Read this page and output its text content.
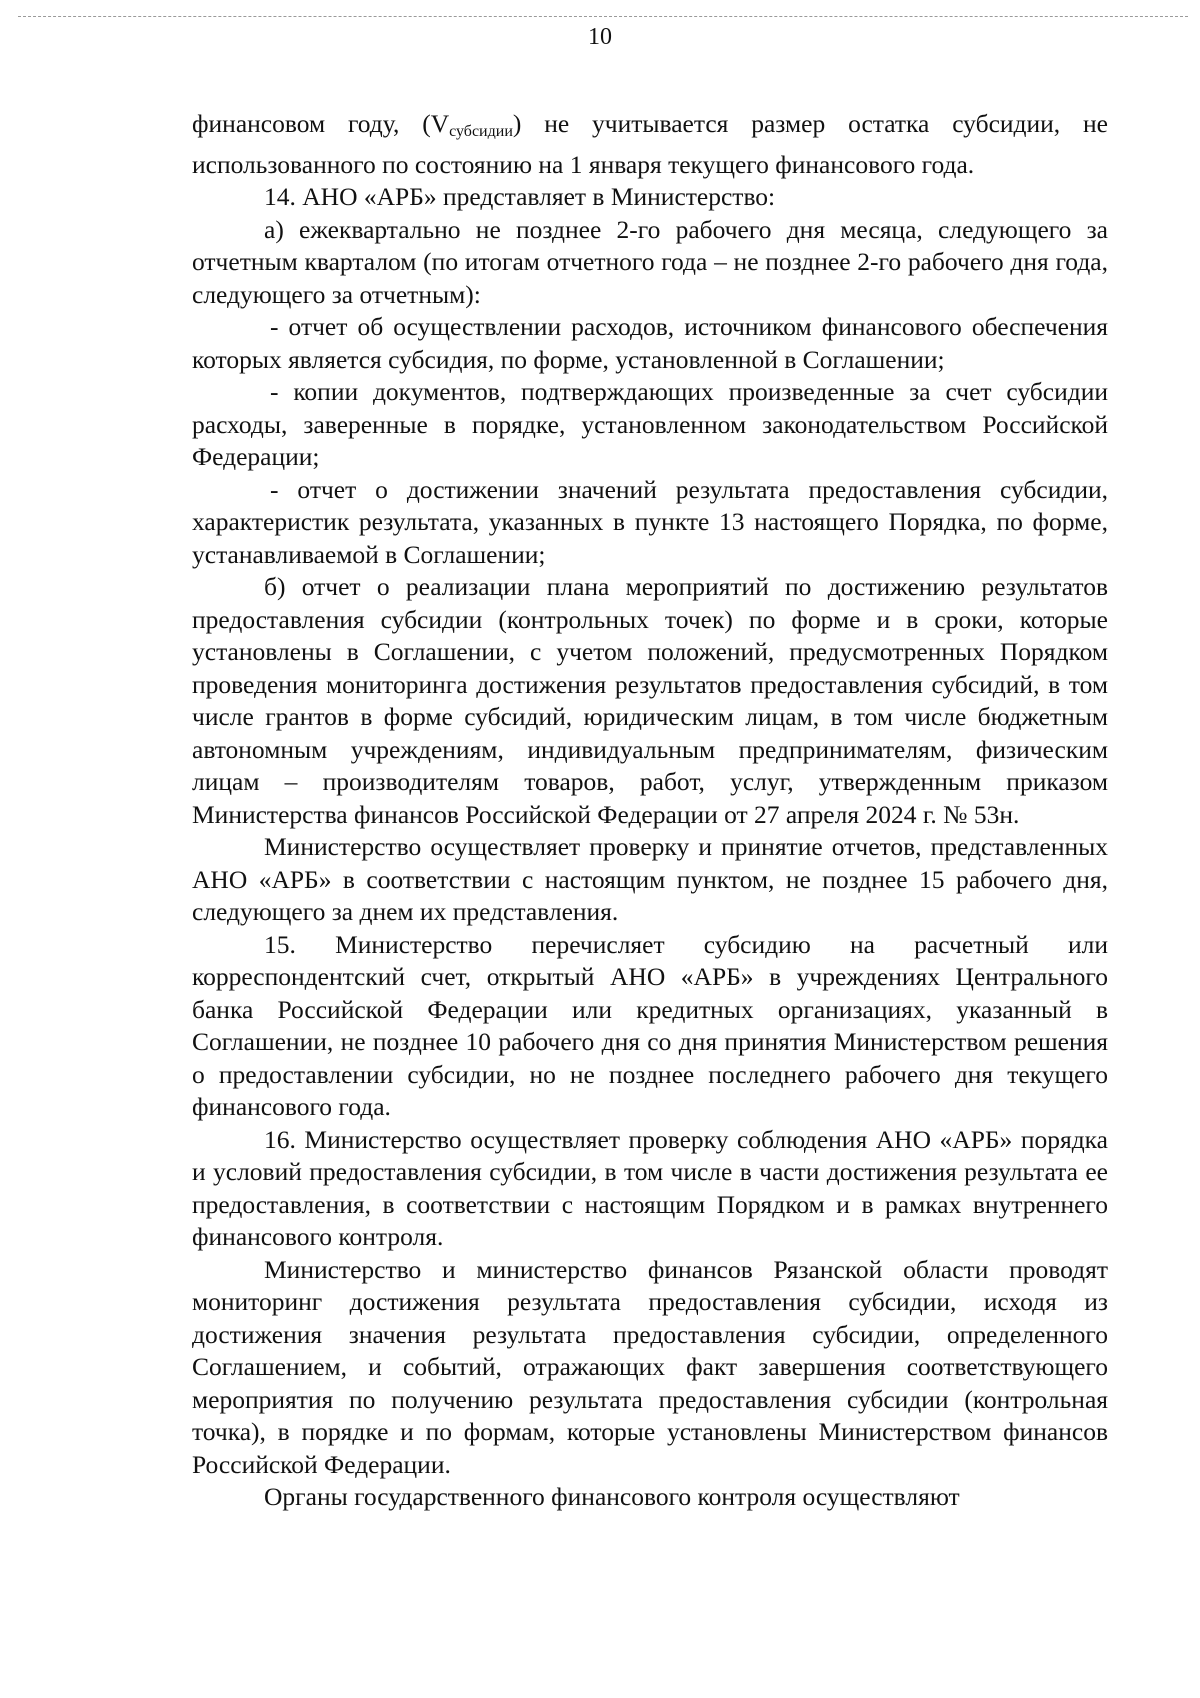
10

финансовом году, $(V_{субсидии})$ не учитывается размер остатка субсидии, не использованного по состоянию на 1 января текущего финансового года.

14. АНО «АРБ» представляет в Министерство:

а) ежеквартально не позднее 2-го рабочего дня месяца, следующего за отчетным кварталом (по итогам отчетного года – не позднее 2-го рабочего дня года, следующего за отчетным):

- отчет об осуществлении расходов, источником финансового обеспечения которых является субсидия, по форме, установленной в Соглашении;

- копии документов, подтверждающих произведенные за счет субсидии расходы, заверенные в порядке, установленном законодательством Российской Федерации;

- отчет о достижении значений результата предоставления субсидии, характеристик результата, указанных в пункте 13 настоящего Порядка, по форме, устанавливаемой в Соглашении;

б) отчет о реализации плана мероприятий по достижению результатов предоставления субсидии (контрольных точек) по форме и в сроки, которые установлены в Соглашении, с учетом положений, предусмотренных Порядком проведения мониторинга достижения результатов предоставления субсидий, в том числе грантов в форме субсидий, юридическим лицам, в том числе бюджетным автономным учреждениям, индивидуальным предпринимателям, физическим лицам – производителям товаров, работ, услуг, утвержденным приказом Министерства финансов Российской Федерации от 27 апреля 2024 г. № 53н.

Министерство осуществляет проверку и принятие отчетов, представленных АНО «АРБ» в соответствии с настоящим пунктом, не позднее 15 рабочего дня, следующего за днем их представления.

15. Министерство перечисляет субсидию на расчетный или корреспондентский счет, открытый АНО «АРБ» в учреждениях Центрального банка Российской Федерации или кредитных организациях, указанный в Соглашении, не позднее 10 рабочего дня со дня принятия Министерством решения о предоставлении субсидии, но не позднее последнего рабочего дня текущего финансового года.

16. Министерство осуществляет проверку соблюдения АНО «АРБ» порядка и условий предоставления субсидии, в том числе в части достижения результата ее предоставления, в соответствии с настоящим Порядком и в рамках внутреннего финансового контроля.

Министерство и министерство финансов Рязанской области проводят мониторинг достижения результата предоставления субсидии, исходя из достижения значения результата предоставления субсидии, определенного Соглашением, и событий, отражающих факт завершения соответствующего мероприятия по получению результата предоставления субсидии (контрольная точка), в порядке и по формам, которые установлены Министерством финансов Российской Федерации.

Органы государственного финансового контроля осуществляют
